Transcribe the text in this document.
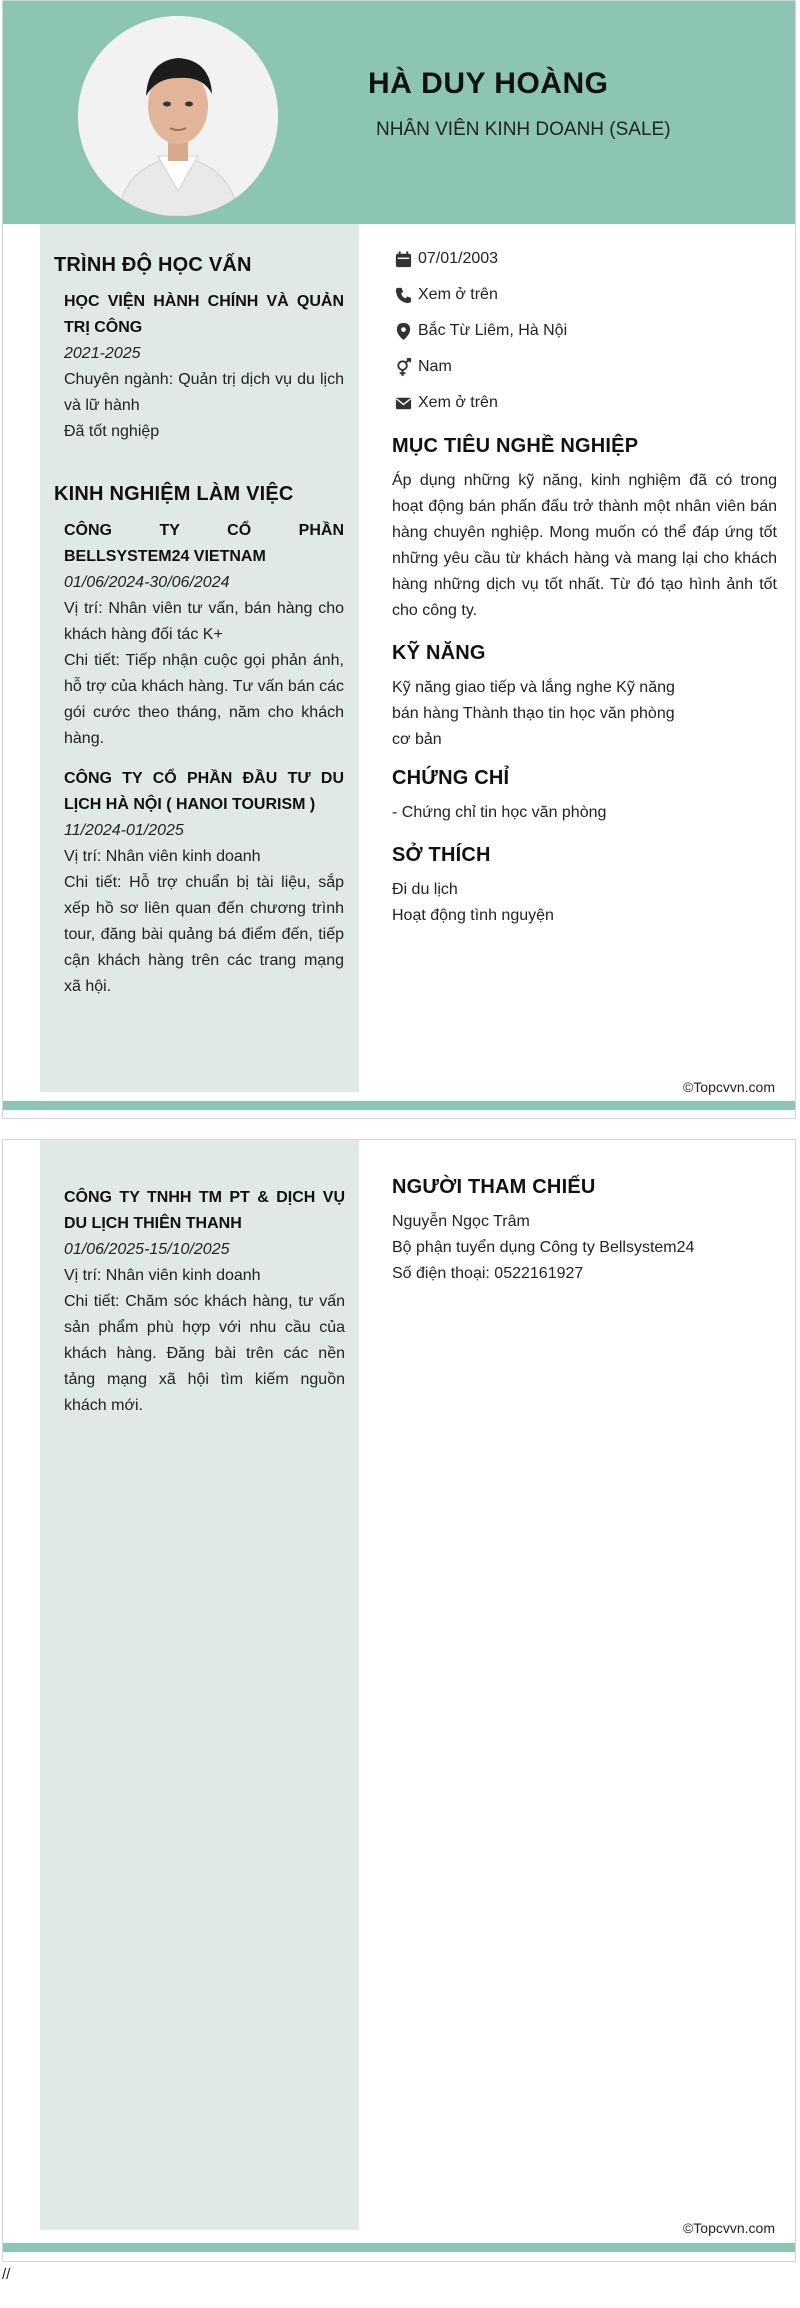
HÀ DUY HOÀNG
NHÂN VIÊN KINH DOANH (SALE)
TRÌNH ĐỘ HỌC VẤN
HỌC VIỆN HÀNH CHÍNH VÀ QUẢN TRỊ CÔNG
2021-2025
Chuyên ngành: Quản trị dịch vụ du lịch và lữ hành
Đã tốt nghiệp
KINH NGHIỆM LÀM VIỆC
CÔNG TY CỔ PHẦN BELLSYSTEM24 VIETNAM
01/06/2024-30/06/2024
Vị trí: Nhân viên tư vấn, bán hàng cho khách hàng đối tác K+
Chi tiết: Tiếp nhận cuộc gọi phản ánh, hỗ trợ của khách hàng. Tư vấn bán các gói cước theo tháng, năm cho khách hàng.
CÔNG TY CỔ PHẦN ĐẦU TƯ DU LỊCH HÀ NỘI ( HANOI TOURISM )
11/2024-01/2025
Vị trí: Nhân viên kinh doanh
Chi tiết: Hỗ trợ chuẩn bị tài liệu, sắp xếp hồ sơ liên quan đến chương trình tour, đăng bài quảng bá điểm đến, tiếp cận khách hàng trên các trang mạng xã hội.
07/01/2003
Xem ở trên
Bắc Từ Liêm, Hà Nội
Nam
Xem ở trên
MỤC TIÊU NGHỀ NGHIỆP
Áp dụng những kỹ năng, kinh nghiệm đã có trong hoạt động bán phấn đấu trở thành một nhân viên bán hàng chuyên nghiệp. Mong muốn có thể đáp ứng tốt những yêu cầu từ khách hàng và mang lại cho khách hàng những dịch vụ tốt nhất. Từ đó tạo hình ảnh tốt cho công ty.
KỸ NĂNG
Kỹ năng giao tiếp và lắng nghe Kỹ năng
bán hàng Thành thạo tin học văn phòng
cơ bản
CHỨNG CHỈ
- Chứng chỉ tin học văn phòng
SỞ THÍCH
Đi du lịch
Hoạt động tình nguyện
©Topcvvn.com
CÔNG TY TNHH TM PT & DỊCH VỤ DU LỊCH THIÊN THANH
01/06/2025-15/10/2025
Vị trí: Nhân viên kinh doanh
Chi tiết: Chăm sóc khách hàng, tư vấn sản phẩm phù hợp với nhu cầu của khách hàng. Đăng bài trên các nền tảng mạng xã hội tìm kiếm nguồn khách mới.
NGƯỜI THAM CHIẾU
Nguyễn Ngọc Trâm
Bộ phận tuyển dụng Công ty Bellsystem24
Số điện thoại: 0522161927
©Topcvvn.com
//
